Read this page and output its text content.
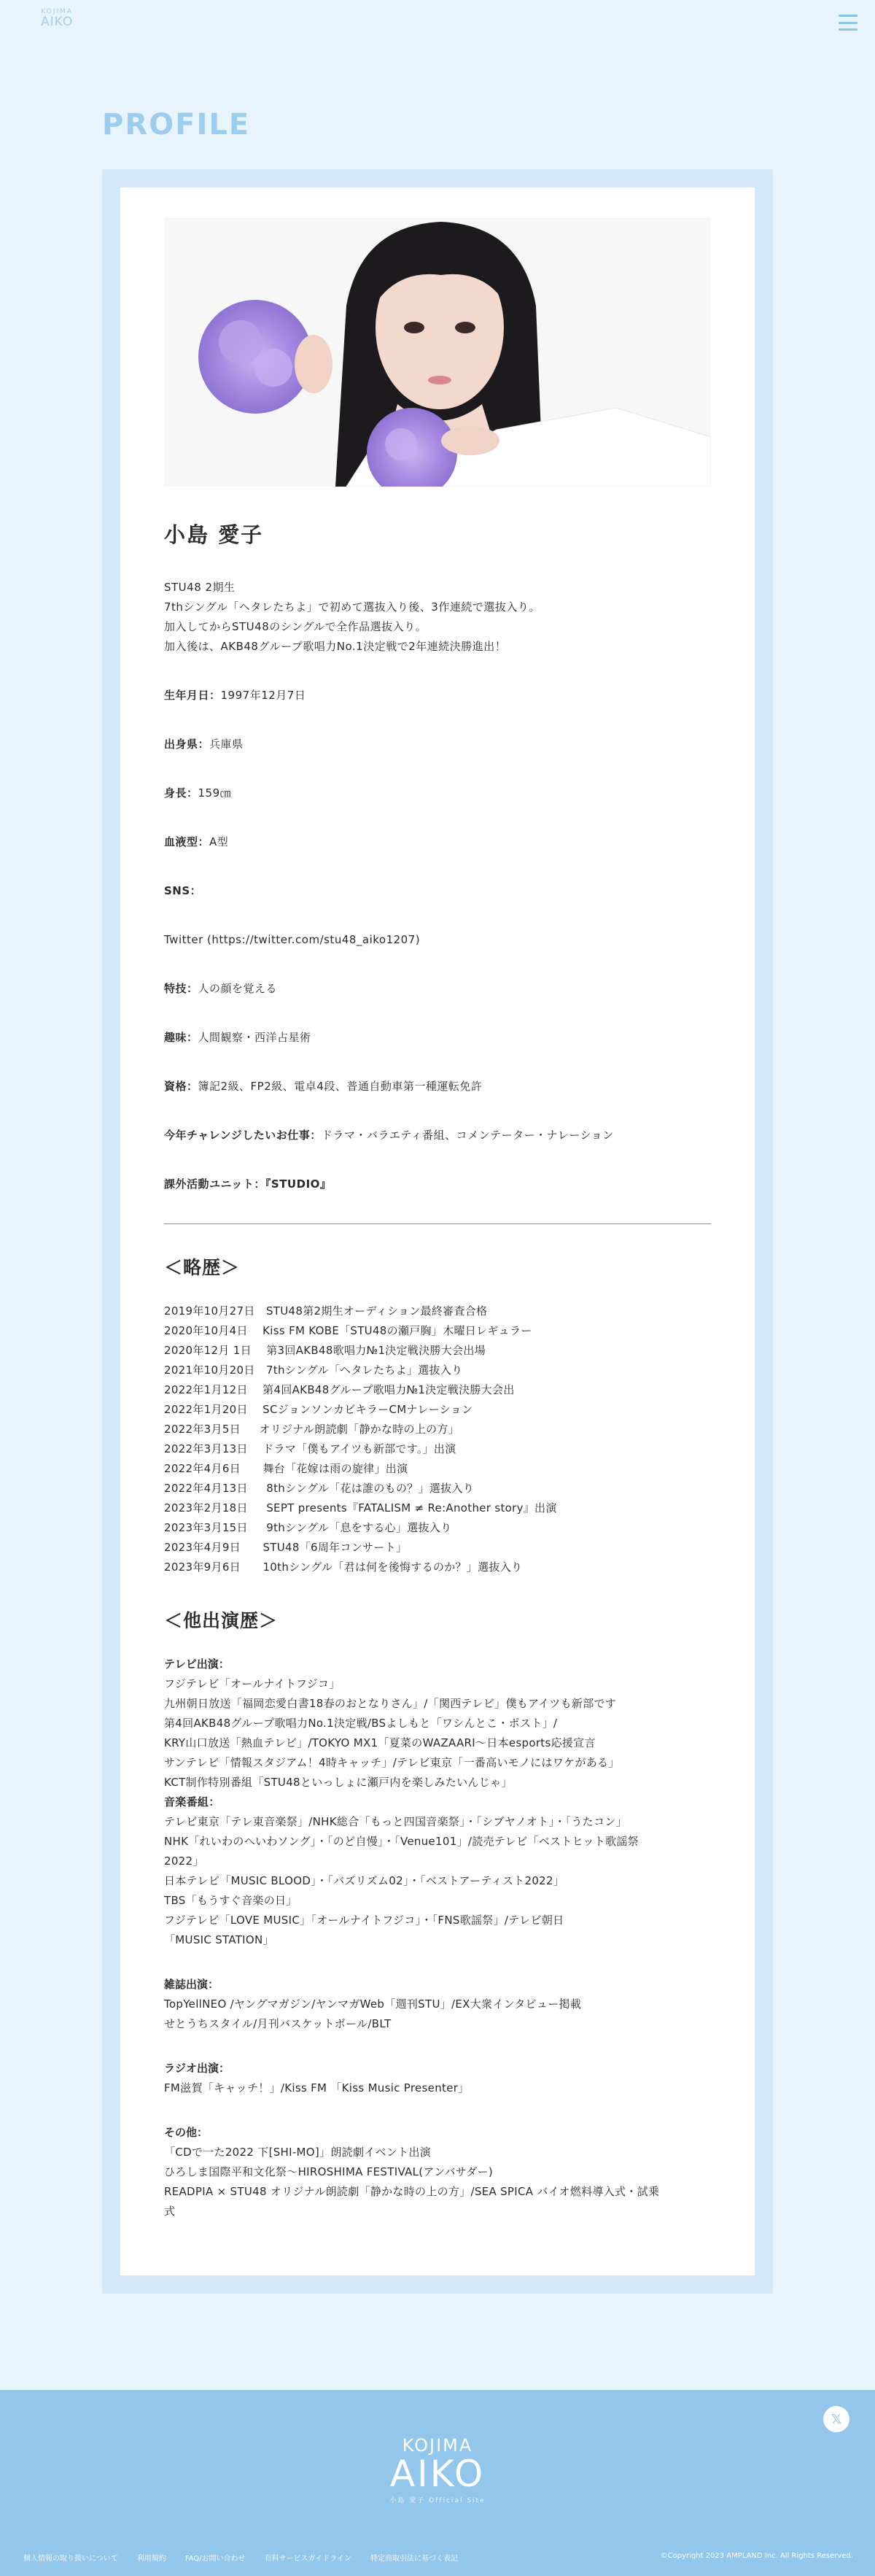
KOJIMA
AIKO
PROFILE
小島 愛子

STU48 2期生

7thシングル「ヘタレたちよ」で初めて選抜入り後、3作連続で選抜入り。

加入してからSTU48のシングルで全作品選抜入り。

加入後は、AKB48グループ歌唱力No.1決定戦で2年連続決勝進出！

生年月日：1997年12月7日
出身県：兵庫県
身長：159㎝
血液型：A型
SNS：
Twitter (https://twitter.com/stu48_aiko1207)
特技：人の顔を覚える
趣味：人間観察・西洋占星術
資格：簿記2級、FP2級、電卓4段、普通自動車第一種運転免許
今年チャレンジしたいお仕事：ドラマ・バラエティ番組、コメンテーター・ナレーション
課外活動ユニット：『STUDIO』
＜略歴＞
2019年10月27日　STU48第2期生オーディション最終審査合格
2020年10月4日　 Kiss FM KOBE「STU48の瀬戸胸」木曜日レギュラー
2020年12月 1日　 第3回AKB48歌唱力№1決定戦決勝大会出場
2021年10月20日　7thシングル「ヘタレたちよ」選抜入り
2022年1月12日　 第4回AKB48グループ歌唱力№1決定戦決勝大会出
2022年1月20日　 SCジョンソンカビキラーCMナレーション
2022年3月5日　  オリジナル朗読劇「静かな時の上の方」
2022年3月13日　 ドラマ「僕もアイツも新部です。」出演
2022年4月6日　   舞台「花嫁は雨の旋律」出演
2022年4月13日　  8thシングル「花は誰のもの？」選抜入り
2023年2月18日　  SEPT presents『FATALISM ≠ Re:Another story』出演
2023年3月15日　  9thシングル「息をする心」選抜入り
2023年4月9日　   STU48「6周年コンサート」
2023年9月6日　   10thシングル「君は何を後悔するのか？」選抜入り
＜他出演歴＞
テレビ出演：
フジテレビ「オールナイトフジコ」
九州朝日放送「福岡恋愛白書18春のおとなりさん」/「関西テレビ」僕もアイツも新部です
第4回AKB48グループ歌唱力No.1決定戦/BSよしもと「ワシんとこ・ポスト」/
KRY山口放送「熱血テレビ」/TOKYO MX1「夏菜のWAZAARI〜日本esports応援宣言
サンテレビ「情報スタジアム！4時キャッチ」/テレビ東京「一番高いモノにはワケがある」
KCT制作特別番組「STU48といっしょに瀬戸内を楽しみたいんじゃ」
音楽番組：
テレビ東京「テレ東音楽祭」/NHK総合「もっと四国音楽祭」・「シブヤノオト」・「うたコン」
NHK「れいわのへいわソング」・「のど自慢」・「Venue101」/読売テレビ「ベストヒット歌謡祭
2022」
日本テレビ「MUSIC BLOOD」・「バズリズム02」・「ベストアーティスト2022」
TBS「もうすぐ音楽の日」
フジテレビ「LOVE MUSIC」「オールナイトフジコ」・「FNS歌謡祭」/テレビ朝日
「MUSIC STATION」
雑誌出演：
TopYellNEO /ヤングマガジン/ヤンマガWeb「週刊STU」/EX大衆インタビュー掲載
せとうちスタイル/月刊バスケットボール/BLT
ラジオ出演：
FM滋賀「キャッチ！」/Kiss FM 「Kiss Music Presenter」
その他：
「CDで一た2022 下[SHI-MO]」朗読劇イベント出演
ひろしま国際平和文化祭〜HIROSHIMA FESTIVAL(アンバサダー)
READPIA × STU48 オリジナル朗読劇「静かな時の上の方」/SEA SPICA バイオ燃料導入式・試乗
式
𝕏
KOJIMA
AIKO
小島 愛子 Official Site
個人情報の取り扱いについて	利用規約	FAQ/お問い合わせ	有料サービスガイドライン	特定商取引法に基づく表記	©Copyright 2023 AMPLAND Inc. All Rights Reserved.
